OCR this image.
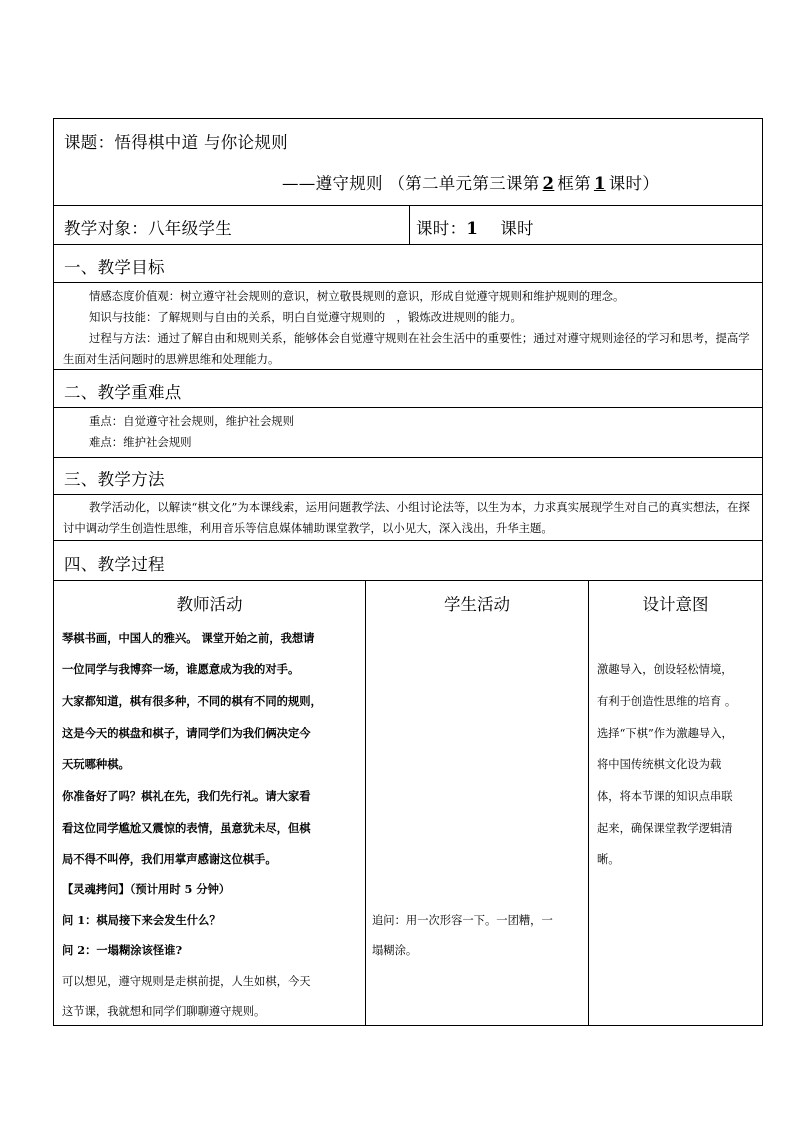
课题：悟得棋中道 与你论规则
——遵守规则 （第二单元第三课第 2 框第 1 课时）
教学对象：八年级学生	课时：1 课时
一、教学目标
情感态度价值观：树立遵守社会规则的意识，树立敬畏规则的意识，形成自觉遵守规则和维护规则的理念。
知识与技能：了解规则与自由的关系，明白自觉遵守规则的　，锻炼改进规则的能力。
过程与方法：通过了解自由和规则关系，能够体会自觉遵守规则在社会生活中的重要性；通过对遵守规则途径的学习和思考，提高学生面对生活问题时的思辨思维和处理能力。
二、教学重难点
重点：自觉遵守社会规则，维护社会规则
难点：维护社会规则
三、教学方法
教学活动化，以解读“棋文化”为本课线索，运用问题教学法、小组讨论法等，以生为本，力求真实展现学生对自己的真实想法，在探讨中调动学生创造性思维，利用音乐等信息媒体辅助课堂教学，以小见大，深入浅出，升华主题。
四、教学过程
教师活动
琴棋书画，中国人的雅兴。 课堂开始之前，我想请
一位同学与我博弈一场，谁愿意成为我的对手。
大家都知道，棋有很多种，不同的棋有不同的规则，
这是今天的棋盘和棋子，请同学们为我们俩决定今
天玩哪种棋。
你准备好了吗？棋礼在先，我们先行礼。请大家看
看这位同学尴尬又震惊的表情，虽意犹未尽，但棋
局不得不叫停，我们用掌声感谢这位棋手。
【灵魂拷问】（预计用时 5 分钟）
问 1：棋局接下来会发生什么？
问 2：一塌糊涂该怪谁?
可以想见，遵守规则是走棋前提，人生如棋，今天
这节课，我就想和同学们聊聊遵守规则。
学生活动
追问：用一次形容一下。一团糟，一
塌糊涂。
设计意图
激趣导入，创设轻松情境，
有利于创造性思维的培育 。
选择“下棋”作为激趣导入，
将中国传统棋文化设为载
体，将本节课的知识点串联
起来，确保课堂教学逻辑清
晰。
